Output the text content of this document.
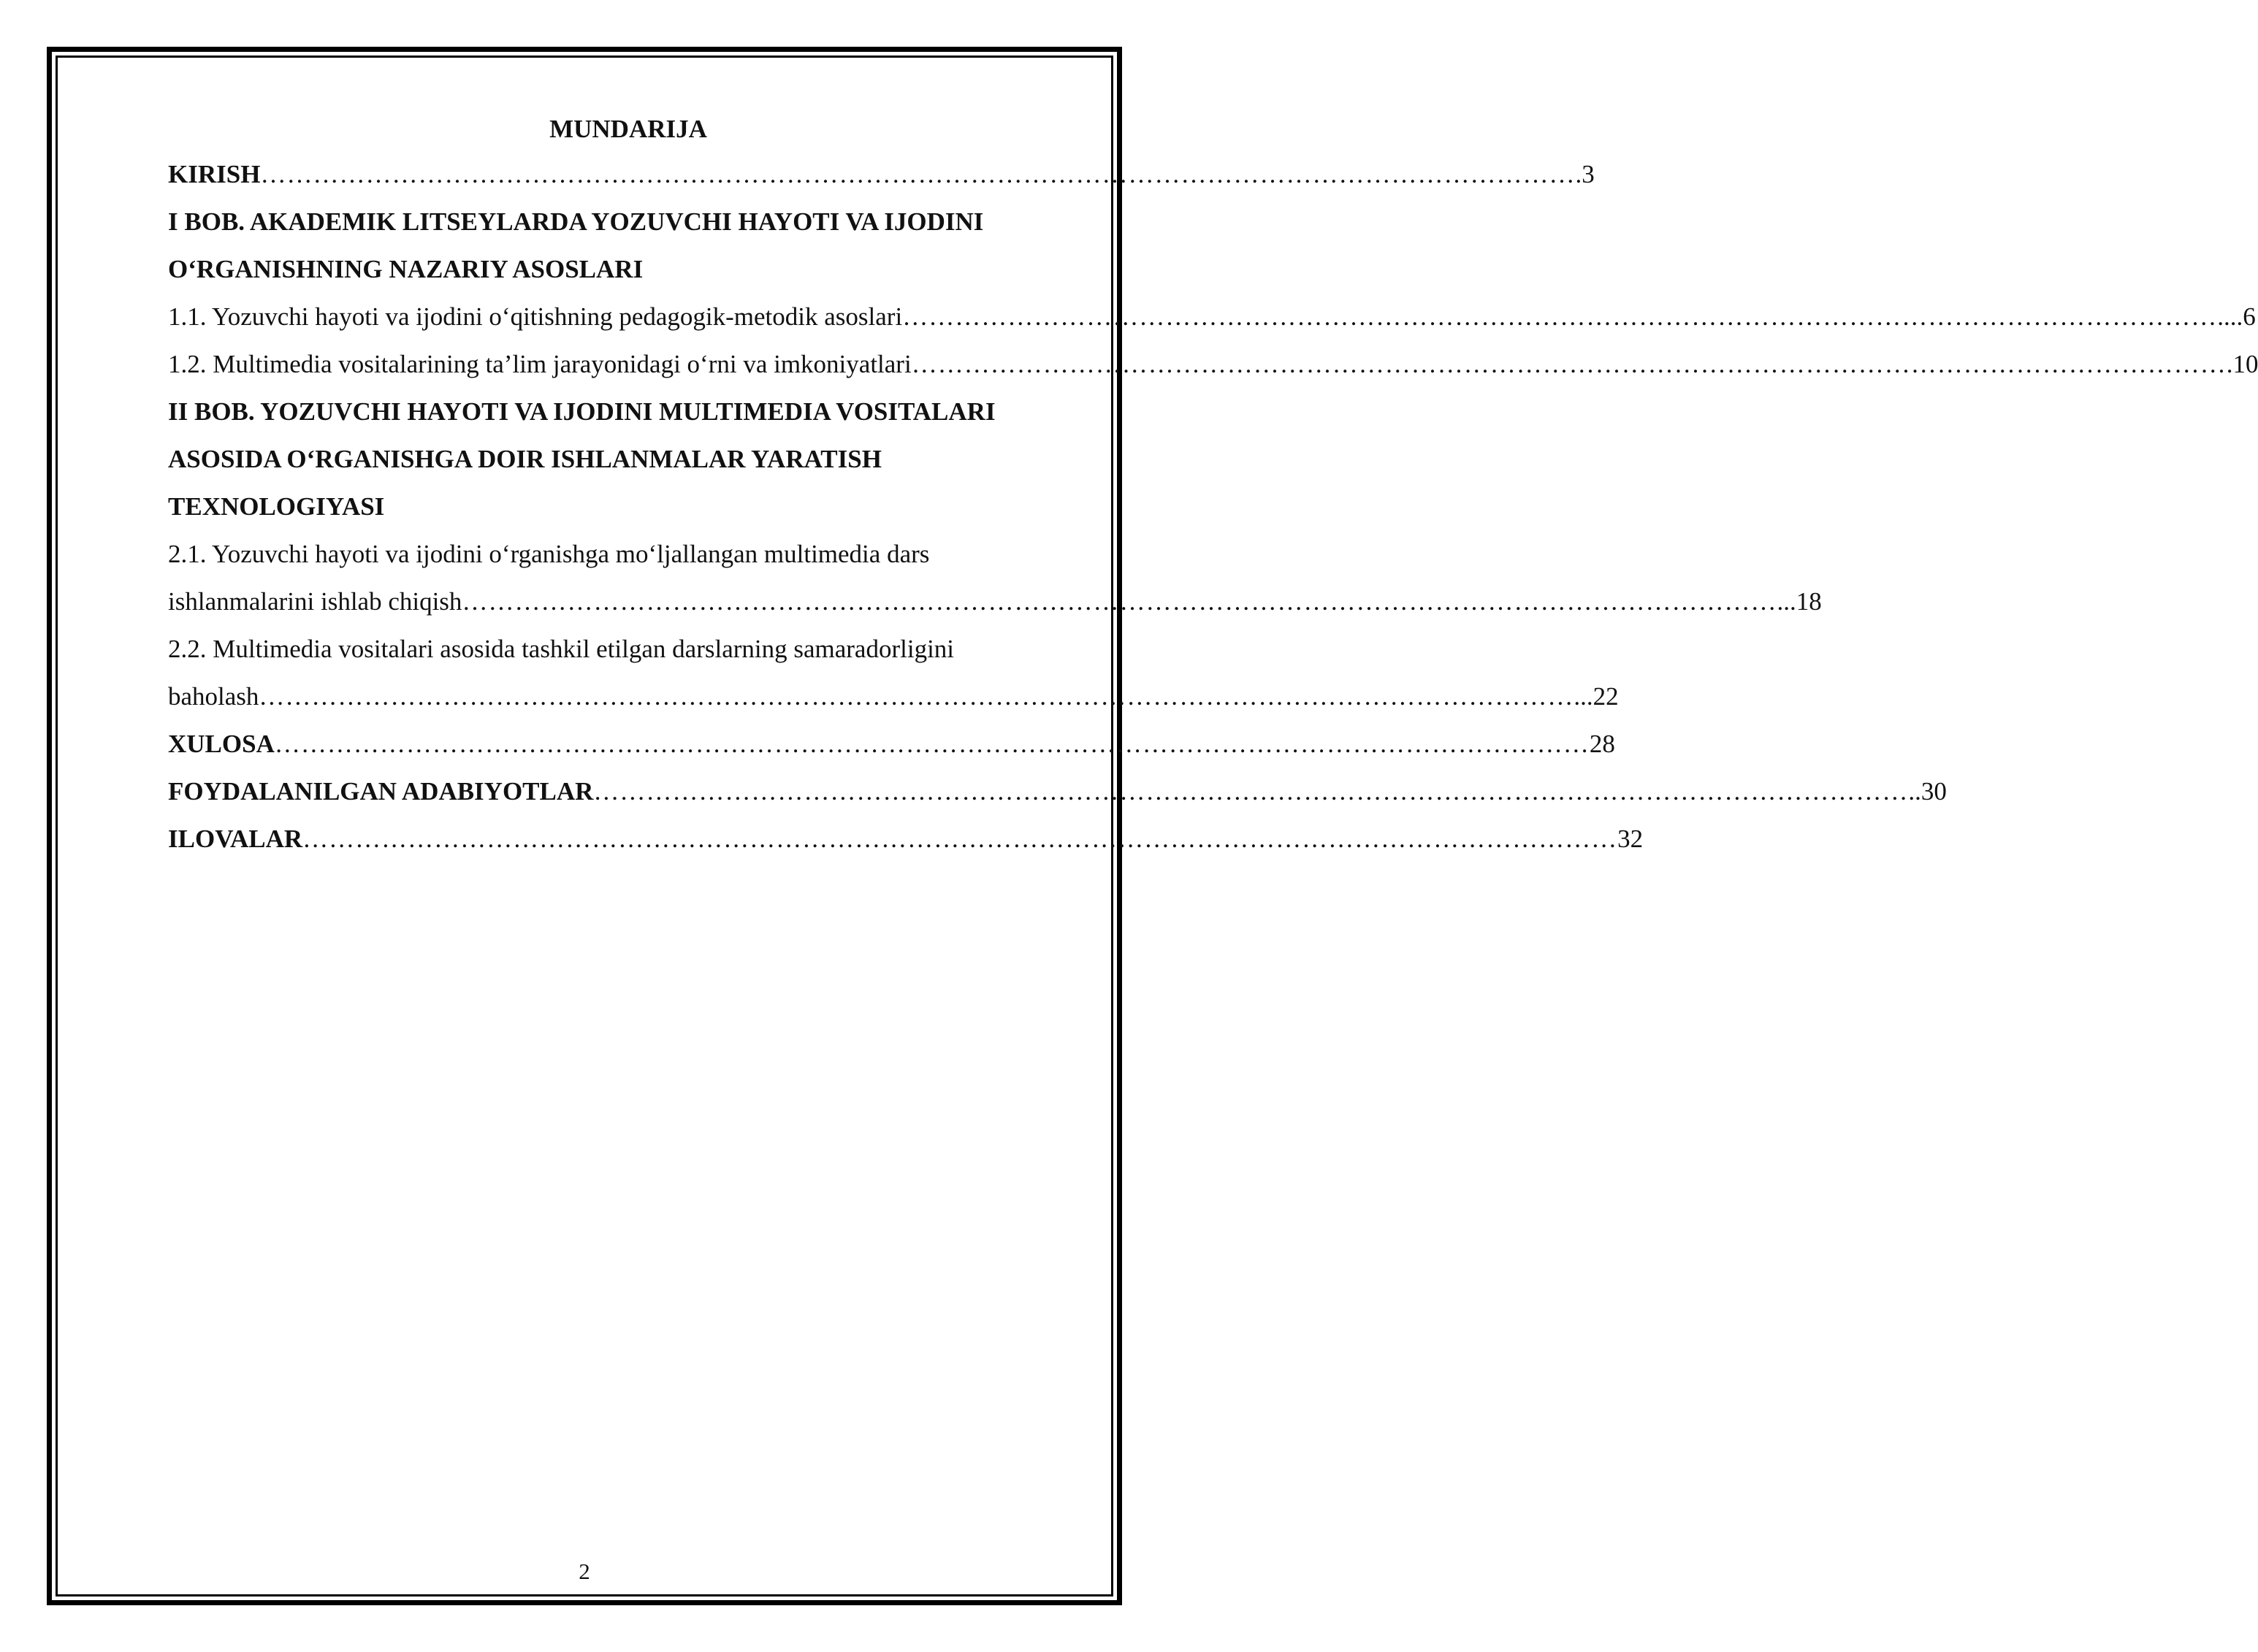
MUNDARIJA
KIRISH …………………………………………………………………………………………………………………………………… .3
I BOB. AKADEMIK LITSEYLARDA YOZUVCHI HAYOTI VA IJODINI
O‘RGANISHNING NAZARIY ASOSLARI
1.1. Yozuvchi hayoti va ijodini o‘qitishning pedagogik-metodik asoslari …………………………………………………………………………………………………………………………………… ....6
1.2. Multimedia vositalarining ta’lim jarayonidagi o‘rni va imkoniyatlari …………………………………………………………………………………………………………………………………… .10
II BOB. YOZUVCHI HAYOTI VA IJODINI MULTIMEDIA VOSITALARI
ASOSIDA O‘RGANISHGA DOIR ISHLANMALAR YARATISH
TEXNOLOGIYASI
2.1. Yozuvchi hayoti va ijodini o‘rganishga mo‘ljallangan multimedia dars
ishlanmalarini ishlab chiqish …………………………………………………………………………………………………………………………………… ...18
2.2. Multimedia vositalari asosida tashkil etilgan darslarning samaradorligini
baholash …………………………………………………………………………………………………………………………………… ...22
XULOSA …………………………………………………………………………………………………………………………………… 28
FOYDALANILGAN ADABIYOTLAR …………………………………………………………………………………………………………………………………… ..30
ILOVALAR …………………………………………………………………………………………………………………………………… 32
2
